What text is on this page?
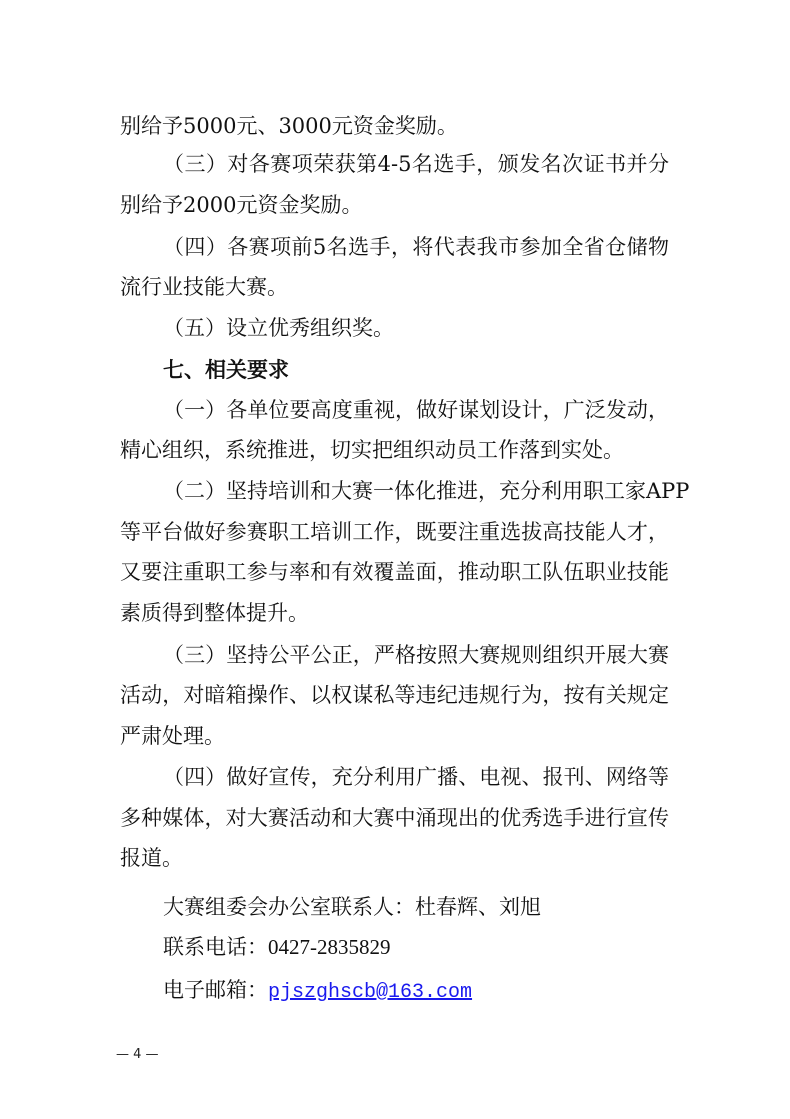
别给予5000元、3000元资金奖励。
（三）对各赛项荣获第4-5名选手，颁发名次证书并分
别给予2000元资金奖励。
（四）各赛项前5名选手，将代表我市参加全省仓储物
流行业技能大赛。
（五）设立优秀组织奖。
七、相关要求
（一）各单位要高度重视，做好谋划设计，广泛发动，
精心组织，系统推进，切实把组织动员工作落到实处。
（二）坚持培训和大赛一体化推进，充分利用职工家APP
等平台做好参赛职工培训工作，既要注重选拔高技能人才，
又要注重职工参与率和有效覆盖面，推动职工队伍职业技能
素质得到整体提升。
（三）坚持公平公正，严格按照大赛规则组织开展大赛
活动，对暗箱操作、以权谋私等违纪违规行为，按有关规定
严肃处理。
（四）做好宣传，充分利用广播、电视、报刊、网络等
多种媒体，对大赛活动和大赛中涌现出的优秀选手进行宣传
报道。
大赛组委会办公室联系人：杜春辉、刘旭
联系电话：0427-2835829
电子邮箱：pjszghscb@163.com
— 4 —
